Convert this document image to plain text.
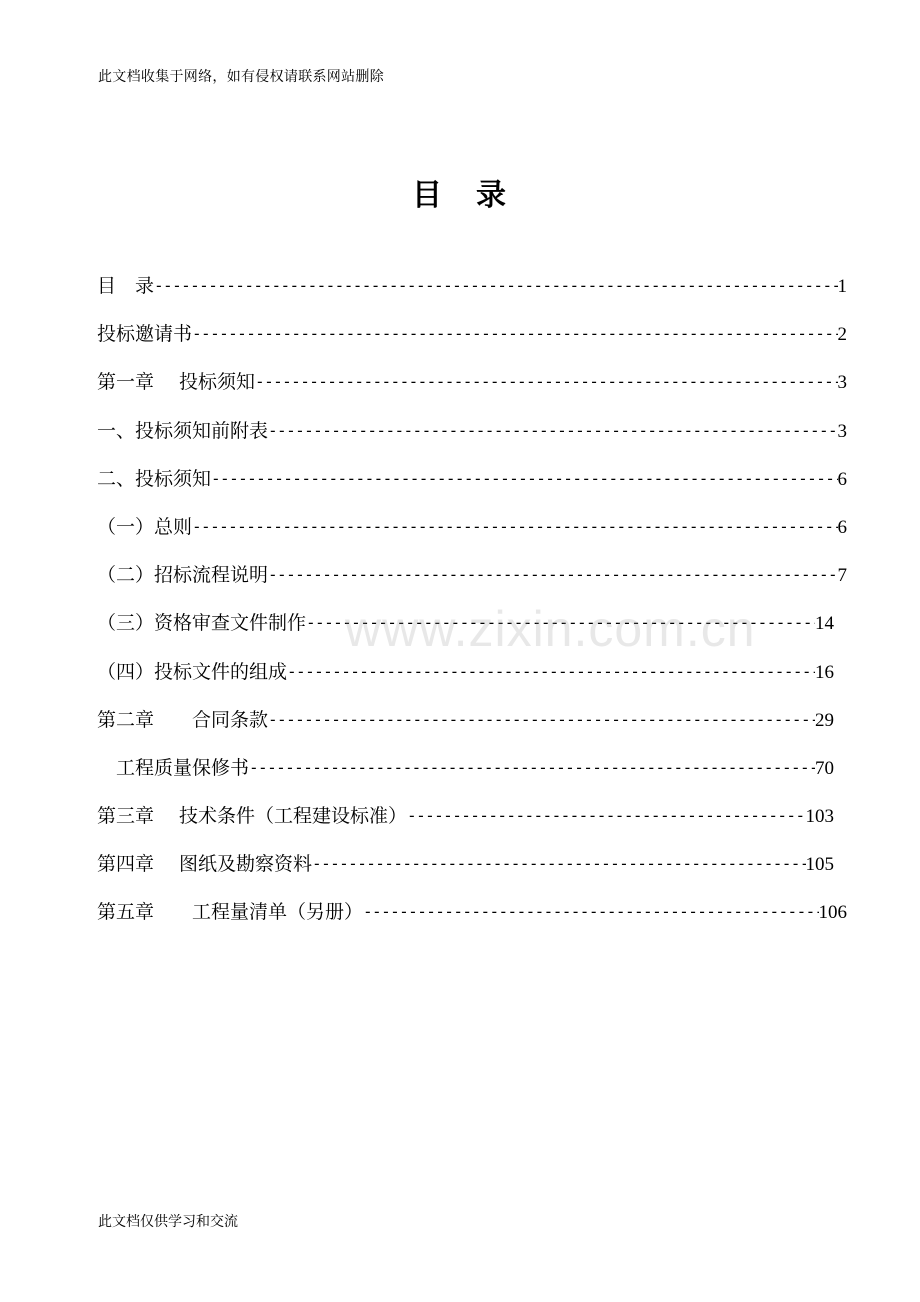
此文档收集于网络，如有侵权请联系网站删除
目　录
目　录 -----	1
投标邀请书 -----	2
第一章　 投标须知 -----	3
一、投标须知前附表 -----	3
二、投标须知 -----	6
（一）总则 -----	6
（二）招标流程说明 -----	7
（三）资格审查文件制作 -----	14
（四）投标文件的组成 -----	16
第二章　　合同条款 -----	29
　工程质量保修书 -----	70
第三章　 技术条件（工程建设标准） -----	103
第四章　 图纸及勘察资料 -----	105
第五章　　工程量清单（另册） -----	106
www.zixin.com.cn
此文档仅供学习和交流
